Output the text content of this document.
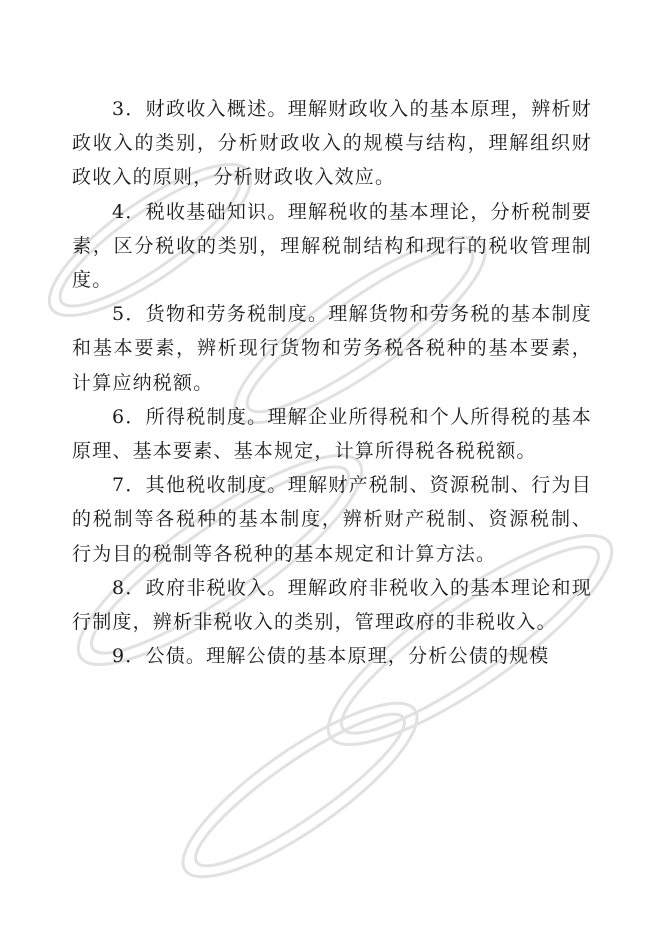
3．财政收入概述。理解财政收入的基本原理，辨析财政收入的类别，分析财政收入的规模与结构，理解组织财政收入的原则，分析财政收入效应。

4．税收基础知识。理解税收的基本理论，分析税制要素，区分税收的类别，理解税制结构和现行的税收管理制度。

5．货物和劳务税制度。理解货物和劳务税的基本制度和基本要素，辨析现行货物和劳务税各税种的基本要素，计算应纳税额。

6．所得税制度。理解企业所得税和个人所得税的基本原理、基本要素、基本规定，计算所得税各税税额。

7．其他税收制度。理解财产税制、资源税制、行为目的税制等各税种的基本制度，辨析财产税制、资源税制、行为目的税制等各税种的基本规定和计算方法。

8．政府非税收入。理解政府非税收入的基本理论和现行制度，辨析非税收入的类别，管理政府的非税收入。

9．公债。理解公债的基本原理，分析公债的规模
